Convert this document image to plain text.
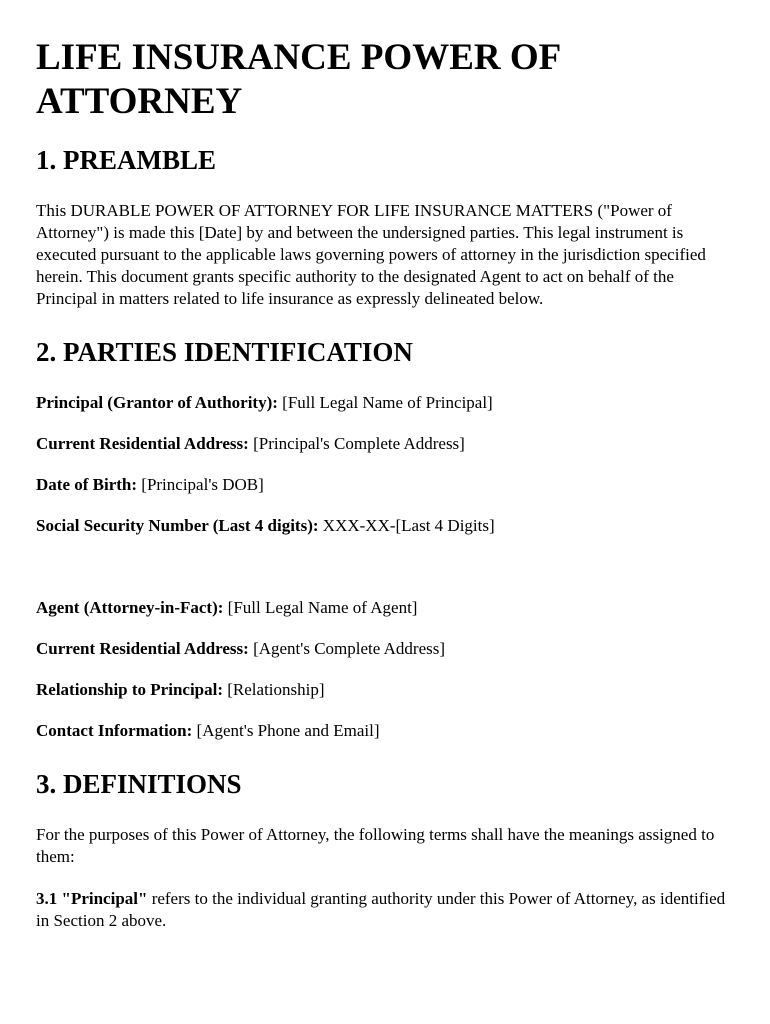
LIFE INSURANCE POWER OF ATTORNEY
1. PREAMBLE

This DURABLE POWER OF ATTORNEY FOR LIFE INSURANCE MATTERS ("Power of Attorney") is made this [Date] by and between the undersigned parties. This legal instrument is executed pursuant to the applicable laws governing powers of attorney in the jurisdiction specified herein. This document grants specific authority to the designated Agent to act on behalf of the Principal in matters related to life insurance as expressly delineated below.

2. PARTIES IDENTIFICATION

Principal (Grantor of Authority): [Full Legal Name of Principal]

Current Residential Address: [Principal's Complete Address]

Date of Birth: [Principal's DOB]

Social Security Number (Last 4 digits): XXX-XX-[Last 4 Digits]

Agent (Attorney-in-Fact): [Full Legal Name of Agent]

Current Residential Address: [Agent's Complete Address]

Relationship to Principal: [Relationship]

Contact Information: [Agent's Phone and Email]

3. DEFINITIONS

For the purposes of this Power of Attorney, the following terms shall have the meanings assigned to them:

3.1 "Principal" refers to the individual granting authority under this Power of Attorney, as identified in Section 2 above.
